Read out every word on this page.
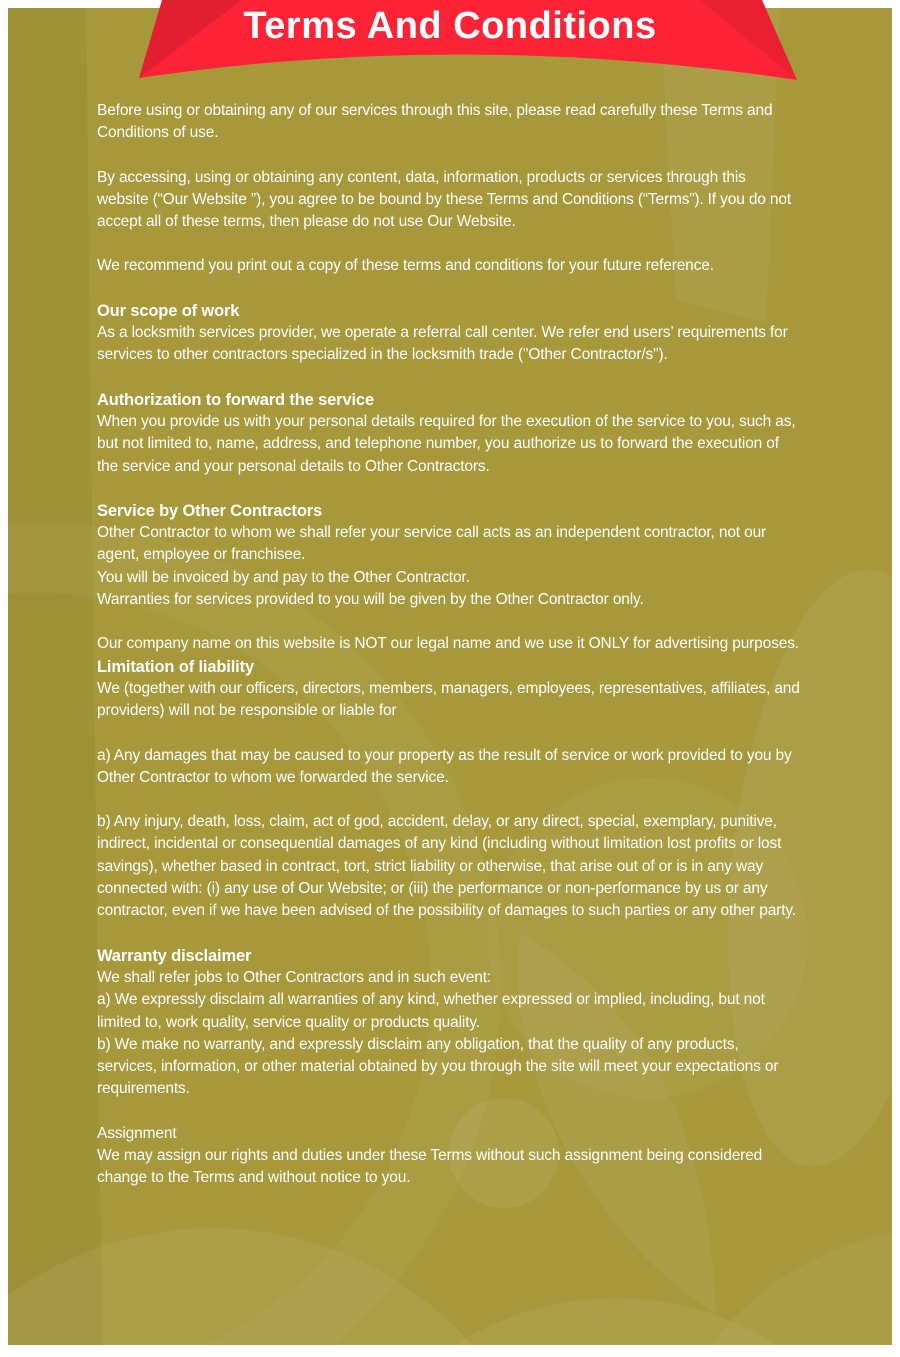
Before using or obtaining any of our services through this site, please read carefully these Terms and Conditions of use.

By accessing, using or obtaining any content, data, information, products or services through this website (“Our Website ”), you agree to be bound by these Terms and Conditions (“Terms”). If you do not accept all of these terms, then please do not use Our Website.

We recommend you print out a copy of these terms and conditions for your future reference.

Our scope of work

As a locksmith services provider, we operate a referral call center. We refer end users’ requirements for services to other contractors specialized in the locksmith trade ("Other Contractor/s").

Authorization to forward the service

When you provide us with your personal details required for the execution of the service to you, such as, but not limited to, name, address, and telephone number, you authorize us to forward the execution of the service and your personal details to Other Contractors.

Service by Other Contractors

Other Contractor to whom we shall refer your service call acts as an independent contractor, not our agent, employee or franchisee.

You will be invoiced by and pay to the Other Contractor.

Warranties for services provided to you will be given by the Other Contractor only.

Our company name on this website is NOT our legal name and we use it ONLY for advertising purposes.

Limitation of liability

We (together with our officers, directors, members, managers, employees, representatives, affiliates, and providers) will not be responsible or liable for

a) Any damages that may be caused to your property as the result of service or work provided to you by Other Contractor to whom we forwarded the service.

b) Any injury, death, loss, claim, act of god, accident, delay, or any direct, special, exemplary, punitive, indirect, incidental or consequential damages of any kind (including without limitation lost profits or lost savings), whether based in contract, tort, strict liability or otherwise, that arise out of or is in any way connected with: (i) any use of Our Website; or (iii) the performance or non-performance by us or any contractor, even if we have been advised of the possibility of damages to such parties or any other party.

Warranty disclaimer

We shall refer jobs to Other Contractors and in such event:

a) We expressly disclaim all warranties of any kind, whether expressed or implied, including, but not limited to, work quality, service quality or products quality.

b) We make no warranty, and expressly disclaim any obligation, that the quality of any products, services, information, or other material obtained by you through the site will meet your expectations or requirements.

Assignment

We may assign our rights and duties under these Terms without such assignment being considered change to the Terms and without notice to you.

Terms And Conditions
